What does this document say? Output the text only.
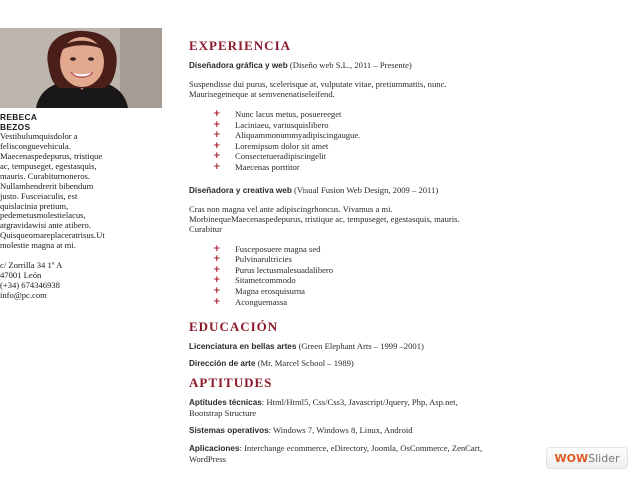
REBECA
BEZOS
Vestibulumquisdolor a
felisconguevehicula.
Maecenaspedepurus, tristique
ac, tempuseget, egestasquis,
mauris. Curabiturnoneros.
Nullamhendrerit bibendum
justo. Fusceiaculis, est
quislacinia pretium,
pedemetusmolestielacus,
atgravidawisi ante atibero.
Quisqueornareplaceratrisus.Ut
molestie magna at mi.
c/ Zorrilla 34 1º A
47001 León
(+34) 674346938
info@pc.com
EXPERIENCIA

Diseñadora gráfica y web (Diseño web S.L., 2011 – Presente)

Suspendisse dui purus, scelerisque at, vulputate vitae, pretiummattis, nunc.
Maurisegetneque at semvenenatiseleifend.
+ Nunc lacus metus, posuereeget
+ Laciniaeu, variusquislibero
+ Aliquammonummyadipiscingaugue.
+ Loremipsum dolor sit amet
+ Consectetueradipiscingelit
+ Maecenas porttitor

Diseñadora y creativa web (Visual Fusion Web Design, 2009 – 2011)

Cras non magna vel ante adipiscingrhoncus. Vivamus a mi.
MorbinequeMaecenaspedepurus, tristique ac, tempuseget, egestasquis, mauris.
Curabitur
+ Fusceposuere magna sed
+ Pulvinarultricies
+ Purus lectusmalesuadalibero
+ Sitametcommodo
+ Magna erosquisurna
+ Aconguemassa
EDUCACIÓN

Licenciatura en bellas artes (Green Elephant Arts – 1999 –2001)

Dirección de arte (Mr. Marcel School – 1989)

APTITUDES

Aptitudes técnicas: Html/Html5, Css/Css3, Javascript/Jquery, Php, Asp.net,
Bootstrap Structure

Sistemas operativos: Windows 7, Windows 8, Linux, Android

Aplicaciones: Interchange ecommerce, eDirectory, Joomla, OsCommerce, ZenCart,
WordPress	WOW Slider
